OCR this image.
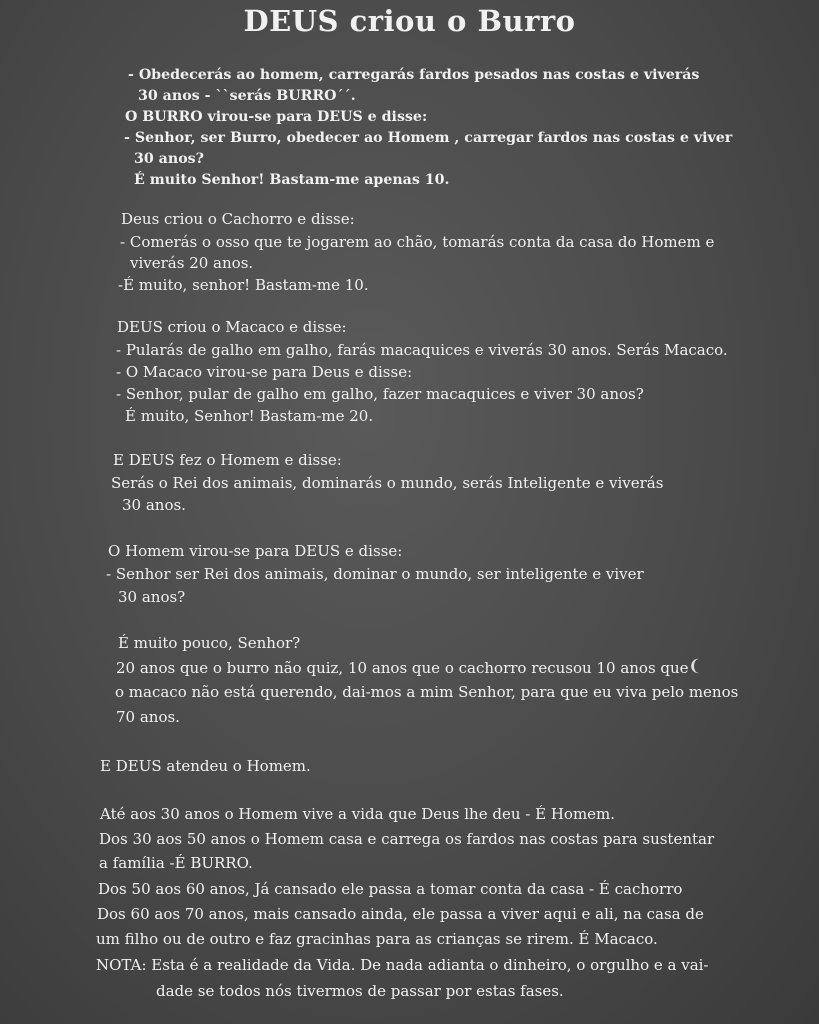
DEUS criou o Burro
- Obedecerás ao homem, carregarás fardos pesados nas costas e viverás
30 anos - ``serás BURRO´´.
O BURRO virou-se para DEUS e disse:
- Senhor, ser Burro, obedecer ao Homem , carregar fardos nas costas e viver
30 anos?
É muito Senhor! Bastam-me apenas 10.
Deus criou o Cachorro e disse:
- Comerás o osso que te jogarem ao chão, tomarás conta da casa do Homem e
viverás 20 anos.
-É muito, senhor! Bastam-me 10.
DEUS criou o Macaco e disse:
- Pularás de galho em galho, farás macaquices e viverás 30 anos. Serás Macaco.
- O Macaco virou-se para Deus e disse:
- Senhor, pular de galho em galho, fazer macaquices e viver 30 anos?
É muito, Senhor! Bastam-me 20.
E DEUS fez o Homem e disse:
Serás o Rei dos animais, dominarás o mundo, serás Inteligente e viverás
30 anos.
O Homem virou-se para DEUS e disse:
- Senhor ser Rei dos animais, dominar o mundo, ser inteligente e viver
30 anos?
É muito pouco, Senhor?
20 anos que o burro não quiz, 10 anos que o cachorro recusou 10 anos que ❨
o macaco não está querendo, dai-mos a mim Senhor, para que eu viva pelo menos
70 anos.
E DEUS atendeu o Homem.
Até aos 30 anos o Homem vive a vida que Deus lhe deu - É Homem.
Dos 30 aos 50 anos o Homem casa e carrega os fardos nas costas para sustentar
a família -É BURRO.
Dos 50 aos 60 anos, Já cansado ele passa a tomar conta da casa - É cachorro
Dos 60 aos 70 anos, mais cansado ainda, ele passa a viver aqui e ali, na casa de
um filho ou de outro e faz gracinhas para as crianças se rirem. É Macaco.
NOTA: Esta é a realidade da Vida. De nada adianta o dinheiro, o orgulho e a vai-
dade se todos nós tivermos de passar por estas fases.
